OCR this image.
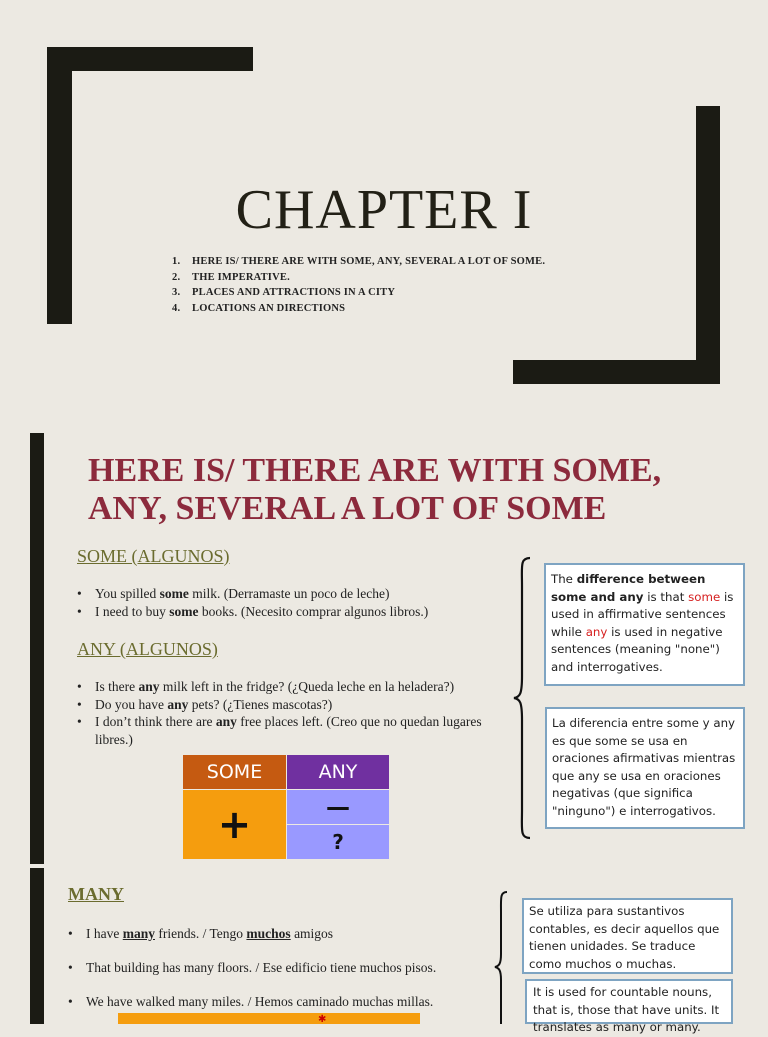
CHAPTER I
1. HERE IS/ THERE ARE WITH SOME, ANY, SEVERAL A LOT OF SOME.
2. THE IMPERATIVE.
3. PLACES AND ATTRACTIONS IN A CITY
4. LOCATIONS AN DIRECTIONS
HERE IS/ THERE ARE WITH SOME,
ANY, SEVERAL A LOT OF SOME
SOME (ALGUNOS)
• You spilled some milk. (Derramaste un poco de leche)
• I need to buy some books. (Necesito comprar algunos libros.)
ANY (ALGUNOS)
• Is there any milk left in the fridge? (¿Queda leche en la heladera?)
• Do you have any pets? (¿Tienes mascotas?)
• I don’t think there are any free places left. (Creo que no quedan lugares libres.)
SOME	ANY
+	—
?
The difference between some and any is that some is used in affirmative sentences while any is used in negative sentences (meaning "none") and interrogatives.
La diferencia entre some y any es que some se usa en oraciones afirmativas mientras que any se usa en oraciones negativas (que significa "ninguno") e interrogativos.
MANY
• I have many friends. / Tengo muchos amigos
• That building has many floors. / Ese edificio tiene muchos pisos.
• We have walked many miles. / Hemos caminado muchas millas.
✱
Se utiliza para sustantivos contables, es decir aquellos que tienen unidades. Se traduce como muchos o muchas.
It is used for countable nouns, that is, those that have units. It translates as many or many.
